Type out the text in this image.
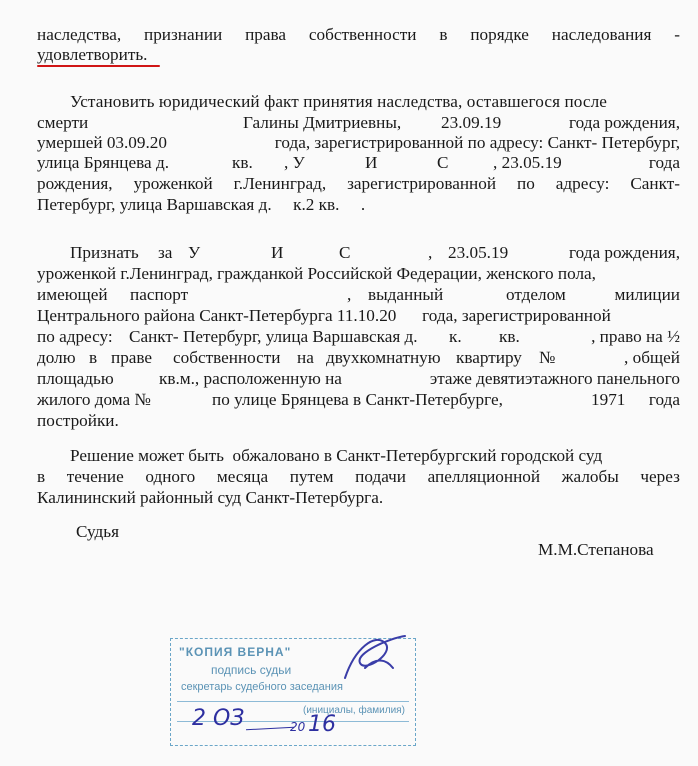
наследства, признании права собственности в порядке наследования -
удовлетворить.
Установить юридический факт принятия наследства, оставшегося после
смерти	Галины Дмитриевны, 23.09.19	года рождения,
умершей 03.09.20	года, зарегистрированной по адресу: Санкт- Петербург,
улица Брянцева д.	кв. , У	И	С	, 23.05.19	года
рождения, уроженкой г.Ленинград, зарегистрированной по адресу: Санкт-
Петербург, улица Варшавская д.     к.2 кв.     .
Признать за У	И	С	, 23.05.19	года рождения,
уроженкой г.Ленинград, гражданкой Российской Федерации, женского пола,
имеющей паспорт	, выданный	отделом	милиции
Центрального района Санкт-Петербурга 11.10.20      года, зарегистрированной
по адресу: Санкт- Петербург, улица Варшавская д. к. кв.	, право на ½
долю в праве собственности на двухкомнатную квартиру №	, общей
площадью	кв.м., расположенную на	этаже девятиэтажного панельного
жилого дома №	по улице Брянцева в Санкт-Петербурге,	1971 года
постройки.
Решение может быть  обжаловано в Санкт-Петербургский городской суд
в течение одного месяца путем подачи апелляционной жалобы через
Калининский районный суд Санкт-Петербурга.
Судья
М.М.Степанова
"КОПИЯ ВЕРНА"
подпись судьи
секретарь судебного заседания
(инициалы, фамилия)
2 ОЗ	20 16
